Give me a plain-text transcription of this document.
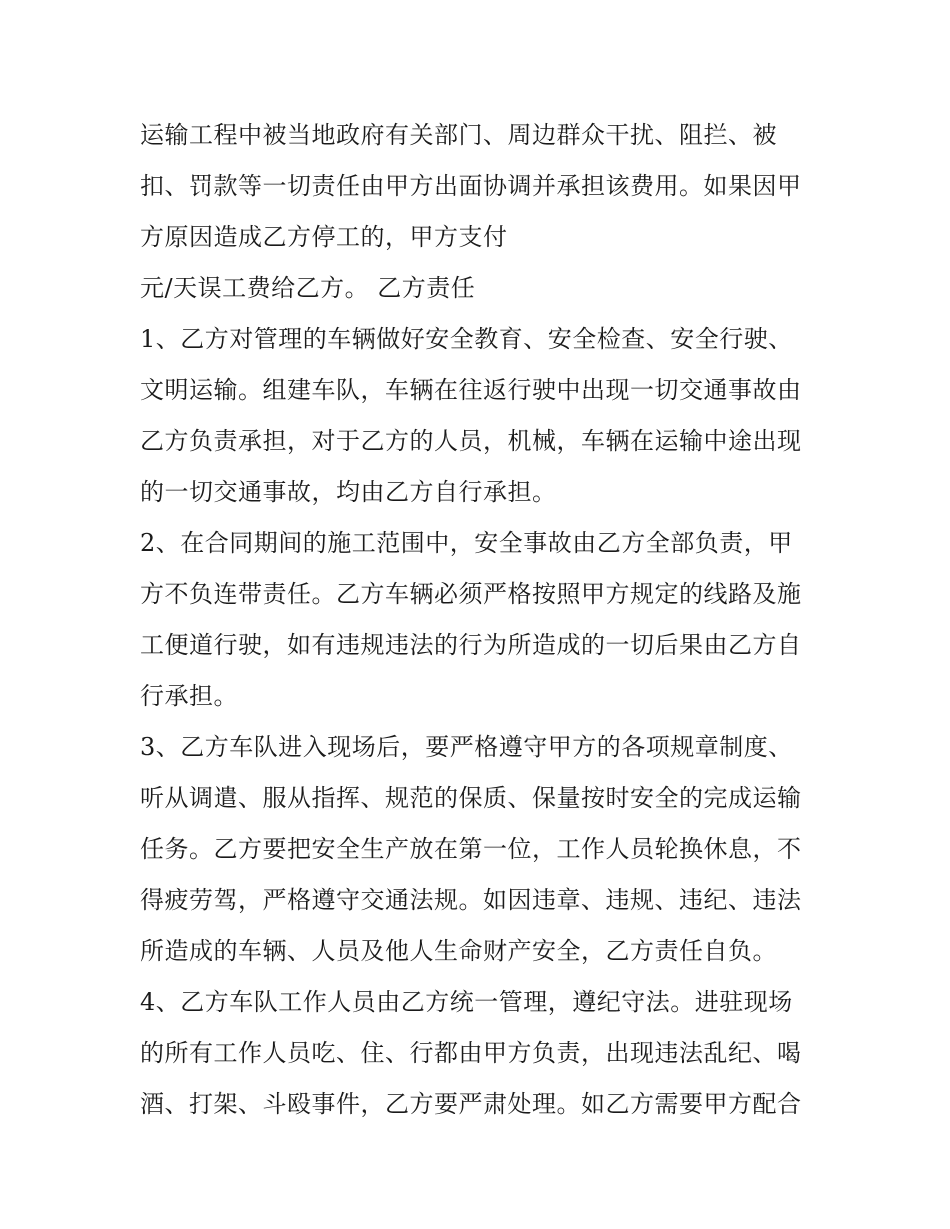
运输工程中被当地政府有关部门、周边群众干扰、阻拦、被
扣、罚款等一切责任由甲方出面协调并承担该费用。如果因甲
方原因造成乙方停工的，甲方支付
元/天误工费给乙方。 乙方责任
1、乙方对管理的车辆做好安全教育、安全检查、安全行驶、
文明运输。组建车队，车辆在往返行驶中出现一切交通事故由
乙方负责承担，对于乙方的人员，机械，车辆在运输中途出现
的一切交通事故，均由乙方自行承担。
2、在合同期间的施工范围中，安全事故由乙方全部负责，甲
方不负连带责任。乙方车辆必须严格按照甲方规定的线路及施
工便道行驶，如有违规违法的行为所造成的一切后果由乙方自
行承担。
3、乙方车队进入现场后，要严格遵守甲方的各项规章制度、
听从调遣、服从指挥、规范的保质、保量按时安全的完成运输
任务。乙方要把安全生产放在第一位，工作人员轮换休息，不
得疲劳驾，严格遵守交通法规。如因违章、违规、违纪、违法
所造成的车辆、人员及他人生命财产安全，乙方责任自负。
4、乙方车队工作人员由乙方统一管理，遵纪守法。进驻现场
的所有工作人员吃、住、行都由甲方负责，出现违法乱纪、喝
酒、打架、斗殴事件，乙方要严肃处理。如乙方需要甲方配合
